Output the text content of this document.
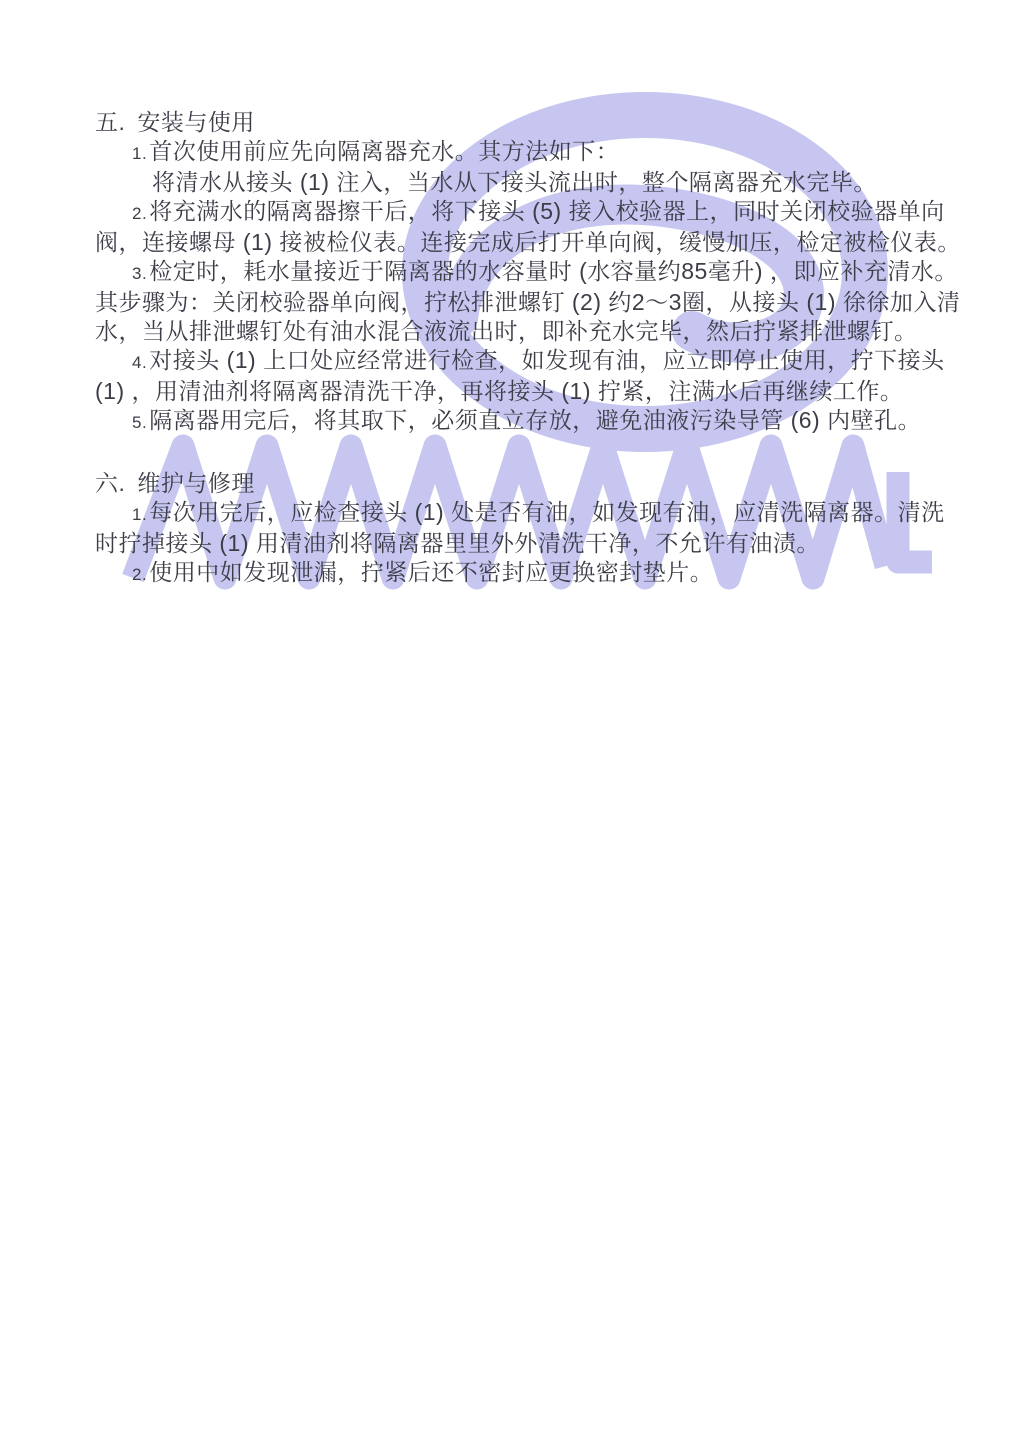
五. 安装与使用
1.首次使用前应先向隔离器充水。其方法如下：
将清水从接头 (1) 注入，当水从下接头流出时，整个隔离器充水完毕。
2.将充满水的隔离器擦干后，将下接头 (5) 接入校验器上，同时关闭校验器单向
阀，连接螺母 (1) 接被检仪表。连接完成后打开单向阀，缓慢加压，检定被检仪表。
3.检定时，耗水量接近于隔离器的水容量时 (水容量约85毫升) ，即应补充清水。
其步骤为：关闭校验器单向阀，拧松排泄螺钉 (2) 约2～3圈，从接头 (1) 徐徐加入清
水，当从排泄螺钉处有油水混合液流出时，即补充水完毕，然后拧紧排泄螺钉。
4.对接头 (1) 上口处应经常进行检查，如发现有油，应立即停止使用，拧下接头
(1) ，用清油剂将隔离器清洗干净，再将接头 (1) 拧紧，注满水后再继续工作。
5.隔离器用完后，将其取下，必须直立存放，避免油液污染导管 (6) 内壁孔。
六. 维护与修理
1.每次用完后，应检查接头 (1) 处是否有油，如发现有油，应清洗隔离器。清洗
时拧掉接头 (1) 用清油剂将隔离器里里外外清洗干净，不允许有油渍。
2.使用中如发现泄漏，拧紧后还不密封应更换密封垫片。
